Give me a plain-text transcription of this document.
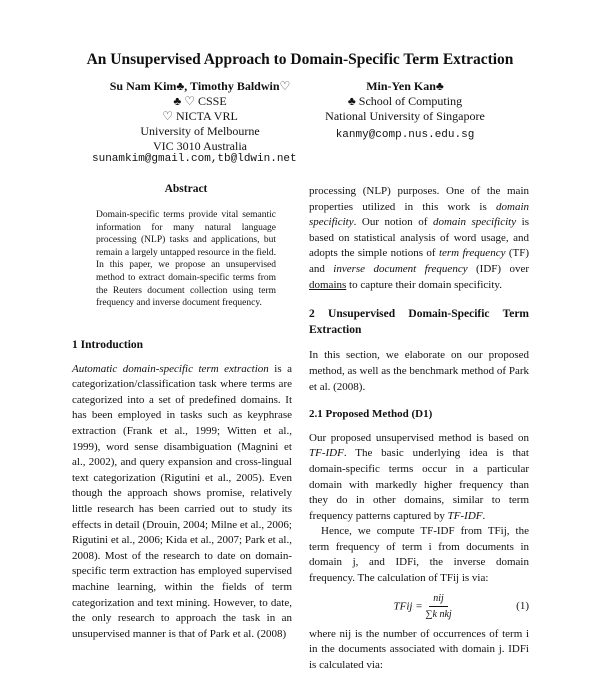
An Unsupervised Approach to Domain-Specific Term Extraction
Su Nam Kim♣, Timothy Baldwin♡
♣ ♡ CSSE
♡ NICTA VRL
University of Melbourne
VIC 3010 Australia
Min-Yen Kan♣
♣ School of Computing
National University of Singapore
kanmy@comp.nus.edu.sg
sunamkim@gmail.com,tb@ldwin.net
Abstract
Domain-specific terms provide vital semantic information for many natural language processing (NLP) tasks and applications, but remain a largely untapped resource in the field. In this paper, we propose an unsupervised method to extract domain-specific terms from the Reuters document collection using term frequency and inverse document frequency.
1 Introduction

Automatic domain-specific term extraction is a categorization/classification task where terms are categorized into a set of predefined domains. It has been employed in tasks such as keyphrase extraction (Frank et al., 1999; Witten et al., 1999), word sense disambiguation (Magnini et al., 2002), and query expansion and cross-lingual text categorization (Rigutini et al., 2005). Even though the approach shows promise, relatively little research has been carried out to study its effects in detail (Drouin, 2004; Milne et al., 2006; Rigutini et al., 2006; Kida et al., 2007; Park et al., 2008). Most of the research to date on domain-specific term extraction has employed supervised machine learning, within the fields of term categorization and text mining. However, to date, the only research to approach the task in an unsupervised manner is that of Park et al. (2008)

processing (NLP) purposes. One of the main properties utilized in this work is domain specificity. Our notion of domain specificity is based on statistical analysis of word usage, and adopts the simple notions of term frequency (TF) and inverse document frequency (IDF) over domains to capture their domain specificity.

2 Unsupervised Domain-Specific Term Extraction

In this section, we elaborate on our proposed method, as well as the benchmark method of Park et al. (2008).

2.1 Proposed Method (D1)

Our proposed unsupervised method is based on TF-IDF. The basic underlying idea is that domain-specific terms occur in a particular domain with markedly higher frequency than they do in other domains, similar to term frequency patterns captured by TF-IDF.

Hence, we compute TF-IDF from TFij, the term frequency of term i from documents in domain j, and IDFi, the inverse domain frequency. The calculation of TFij is via:

TFij = $\frac{\text{nij}}{\text{∑k nkj}}$	(1)

where nij is the number of occurrences of term i in the documents associated with domain j. IDFi is calculated via:
